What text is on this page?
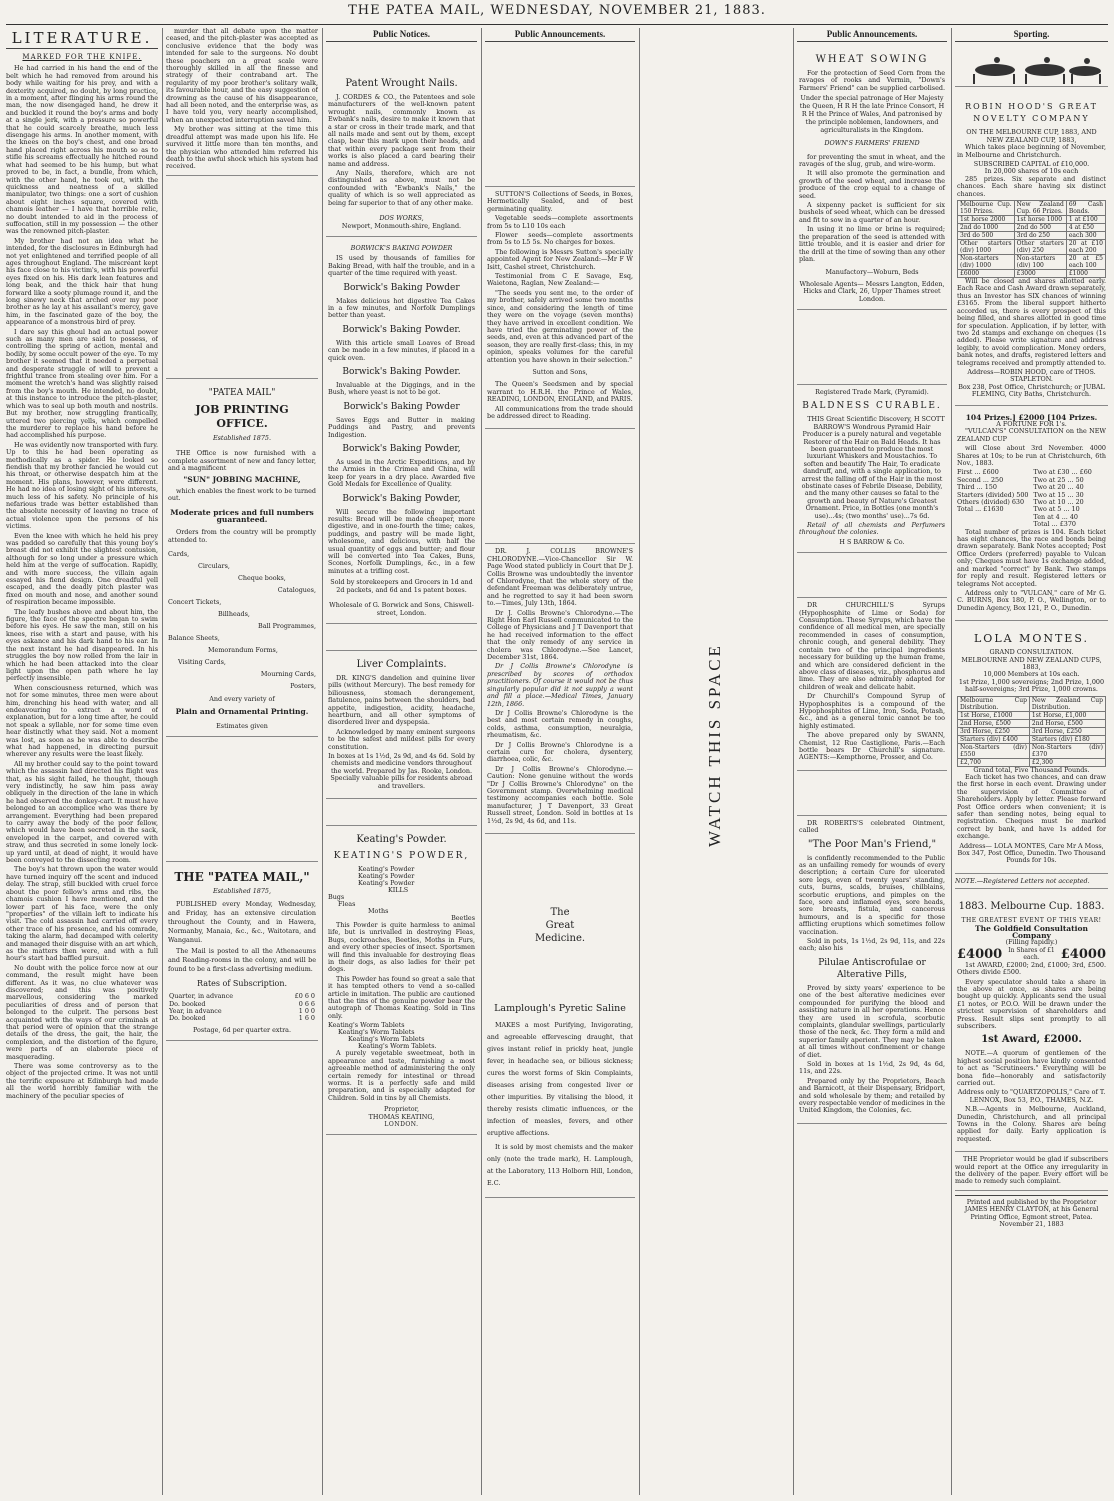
THE PATEA MAIL, WEDNESDAY, NOVEMBER 21, 1883.
LITERATURE.
MARKED FOR THE KNIFE.

He had carried in his hand the end of the belt which he had removed from around his body while waiting for his prey, and with a dexterity acquired, no doubt, by long practice, in a moment, after flinging his arms round the man, the now disengaged hand, he drew it and buckled it round the boy's arms and body at a single jerk, with a pressure so powerful that he could scarcely breathe, much less disengage his arms. In another moment, with the knees on the boy's chest, and one broad hand placed right across his mouth so as to stifle his screams effectually he hitched round what had seemed to be his hump, but what proved to be, in fact, a bundle, from which, with the other hand, he took out, with the quickness and neatness of a skilled manipulator, two things: one a sort of cushion about eight inches square, covered with chamois leather — I have that horrible relic, no doubt intended to aid in the process of suffocation, still in my possession — the other was the renowned pitch-plaster.

My brother had not an idea what he intended, for the disclosures in Edinburgh had not yet enlightened and terrified people of all ages throughout England. The miscreant kept his face close to his victim's, with his powerful eyes fixed on his. His dark lean features and long beak, and the thick hair that hung forward like a sooty plumage round it, and the long sinewy neck that arched over my poor brother as he lay at his assailant's mercy, gave him, in the fascinated gaze of the boy, the appearance of a monstrous bird of prey.

I dare say this ghoul had an actual power such as many men are said to possess, of controlling the spring of action, mental and bodily, by some occult power of the eye. To my brother it seemed that it needed a perpetual and desperate struggle of will to prevent a frightful trance from stealing over him. For a moment the wretch's hand was slightly raised from the boy's mouth. He intended, no doubt, at this instance to introduce the pitch-plaster, which was to seal up both mouth and nostrils. But my brother, now struggling frantically, uttered two piercing yells, which compelled the murderer to replace his hand before he had accomplished his purpose.

He was evidently now transported with fury. Up to this he had been operating as methodically as a spider. He looked so fiendish that my brother fancied he would cut his throat, or otherwise despatch him at the moment. His plans, however, were different. He had no idea of losing sight of his interests, much less of his safety. No principle of his nefarious trade was better established than the absolute necessity of leaving no trace of actual violence upon the persons of his victims.

Even the knee with which he held his prey was padded so carefully that this young boy's breast did not exhibit the slightest contusion, although for so long under a pressure which held him at the verge of suffocation. Rapidly, and with more success, the villain again essayed his fiend design. One dreadful yell escaped, and the deadly pitch plaster was fixed on mouth and nose, and another sound of respiration became impossible.

The leafy bushes above and about him, the figure, the face of the spectre began to swim before his eyes. He saw the man, still on his knees, rise with a start and pause, with his eyes askance and his dark hand to his ear. In the next instant he had disappeared. In his struggles the boy now rolled from the lair in which he had been attacked into the clear light upon the open path where he lay perfectly insensible.

When consciousness returned, which was not for some minutes, three men were about him, drenching his head with water, and all endeavouring to extract a word of explanation, but for a long time after, he could not speak a syllable, nor for some time even hear distinctly what they said. Not a moment was lost, as soon as he was able to describe what had happened, in directing pursuit wherever any results were the least likely.

All my brother could say to the point toward which the assassin had directed his flight was that, as his sight failed, he thought, though very indistinctly, he saw him pass away obliquely in the direction of the lane in which he had observed the donkey-cart. It must have belonged to an accomplice who was there by arrangement. Everything had been prepared to carry away the body of the poor fellow, which would have been secreted in the sack, enveloped in the carpet, and covered with straw, and thus secreted in some lonely lock-up yard until, at dead of night, it would have been conveyed to the dissecting room.

The boy's hat thrown upon the water would have turned inquiry off the scent and induced delay. The strap, still buckled with cruel force about the poor fellow's arms and ribs, the chamois cushion I have mentioned, and the lower part of his face, were the only "properties" of the villain left to indicate his visit. The cold assassin had carried off every other trace of his presence, and his comrade, taking the alarm, had decamped with celerity and managed their disguise with an art which, as the matters then were, and with a full hour's start had baffled pursuit.

No doubt with the police force now at our command, the result might have been different. As it was, no clue whatever was discovered; and this was positively marvellous, considering the marked peculiarities of dress and of person that belonged to the culprit. The persons best acquainted with the ways of our criminals at that period were of opinion that the strange details of the dress, the gait, the hair, the complexion, and the distortion of the figure, were parts of an elaborate piece of masquerading.

There was some controversy as to the object of the projected crime. It was not until the terrific exposure at Edinburgh had made all the world horribly familiar with the machinery of the peculiar species of

murder that all debate upon the matter ceased, and the pitch-plaster was accepted as conclusive evidence that the body was intended for sale to the surgeons. No doubt these poachers on a great scale were thoroughly skilled in all the finesse and strategy of their contraband art. The regularity of my poor brother's solitary walk, its favourable hour, and the easy suggestion of drowning as the cause of his disappearance, had all been noted, and the enterprise was, as I have told you, very nearly accomplished, when an unexpected interruption saved him.

My brother was sitting at the time this dreadful attempt was made upon his life. He survived it little more than ten months, and the physician who attended him referred his death to the awful shock which his system had received.

"PATEA MAIL"
JOB PRINTING OFFICE.
Established 1875.

THE Office is now furnished with a complete assortment of new and fancy letter, and a magnificent

"SUN" JOBBING MACHINE,

which enables the finest work to be turned out.

Moderate prices and full numbers guaranteed.

Orders from the country will be promptly attended to.

Cards,
Circulars,
Cheque books,
Catalogues,
Concert Tickets,
Billheads,
Ball Programmes,
Balance Sheets,
Memorandum Forms,
Visiting Cards,
Mourning Cards,
Posters,
And every variety of
Plain and Ornamental Printing.
Estimates given
THE "PATEA MAIL,"
Established 1875,

PUBLISHED every Monday, Wednesday, and Friday, has an extensive circulation throughout the County, and in Hawera, Normanby, Manaia, &c., &c., Waitotara, and Wanganui.

The Mail is posted to all the Athenaeums and Reading-rooms in the colony, and will be found to be a first-class advertising medium.

Rates of Subscription.
Quarter, in advance	£0 6 0
Do. booked	0 6 6
Year, in advance	1 0 0
Do. booked	1 6 0
Postage, 6d per quarter extra.
Public Notices.
Patent Wrought Nails.

J. CORDES & CO., the Patentees and sole manufacturers of the well-known patent wrought nails, commonly known as Ewbank's nails, desire to make it known that a star or cross in their trade mark, and that all nails made and sent out by them, except clasp, bear this mark upon their heads, and that within every package sent from their works is also placed a card bearing their name and address.

Any Nails, therefore, which are not distinguished as above, must not be confounded with "Ewbank's Nails," the quality of which is so well appreciated as being far superior to that of any other make.

DOS WORKS,
Newport, Monmouth-shire, England.
BORWICK'S BAKING POWDER

IS used by thousands of families for Baking Bread, with half the trouble, and in a quarter of the time required with yeast.

Borwick's Baking Powder

Makes delicious hot digestive Tea Cakes in a few minutes, and Norfolk Dumplings better than yeast.

Borwick's Baking Powder.

With this article small Loaves of Bread can be made in a few minutes, if placed in a quick oven.

Borwick's Baking Powder.

Invaluable at the Diggings, and in the Bush, where yeast is not to be got.

Borwick's Baking Powder

Saves Eggs and Butter in making Puddings and Pastry, and prevents Indigestion.

Borwick's Baking Powder,

As used in the Arctic Expeditions, and by the Armies in the Crimea and China, will keep for years in a dry place. Awarded five Gold Medals for Excellence of Quality.

Borwick's Baking Powder,

Will secure the following important results: Bread will be made cheaper, more digestive, and in one-fourth the time; cakes, puddings, and pastry will be made light, wholesome, and delicious, with half the usual quantity of eggs and butter; and flour will be converted into Tea Cakes, Buns, Scones, Norfolk Dumplings, &c., in a few minutes at a trifling cost.

Sold by storekeepers and Grocers in 1d and 2d packets, and 6d and 1s patent boxes.
Wholesale of G. Borwick and Sons, Chiswell-street, London.
Liver Complaints.

DR. KING'S dandelion and quinine liver pills (without Mercury). The best remedy for biliousness, stomach derangement, flatulence, pains between the shoulders, bad appetite, indigestion, acidity, headache, heartburn, and all other symptoms of disordered liver and dyspepsia.

Acknowledged by many eminent surgeons to be the safest and mildest pills for every constitution.

In boxes at 1s 1½d, 2s 9d, and 4s 6d. Sold by chemists and medicine vendors throughout the world. Prepared by Jas. Rooke, London. Specially valuable pills for residents abroad and travellers.

Keating's Powder.
KEATING'S POWDER,
Keating's Powder
Keating's Powder
Keating's Powder
KILLS
Bugs
Fleas
Moths
Beetles

This Powder is quite harmless to animal life, but is unrivalled in destroying Fleas, Bugs, cockroaches, Beetles, Moths in Furs, and every other species of insect. Sportsmen will find this invaluable for destroying fleas in their dogs, as also ladies for their pet dogs.

This Powder has found so great a sale that it has tempted others to vend a so-called article in imitation. The public are cautioned that the tins of the genuine powder bear the autograph of Thomas Keating. Sold in Tins only.

Keating's Worm Tablets
Keating's Worm Tablets
Keating's Worm Tablets
Keating's Worm Tablets.

A purely vegetable sweetmeat, both in appearance and taste, furnishing a most agreeable method of administering the only certain remedy for intestinal or thread worms. It is a perfectly safe and mild preparation, and is especially adapted for Children. Sold in tins by all Chemists.

Proprietor,
THOMAS KEATING,
LONDON.
Public Announcements.

SUTTON'S Collections of Seeds, in Boxes, Hermetically Sealed, and of best germinating quality.

Vegetable seeds—complete assortments from 5s to L10 10s each

Flower seeds—complete assortments from 5s to L5 5s. No charges for boxes.

The following is Messrs Sutton's specially appointed Agent for New Zealand:—Mr F W Isitt, Cashel street, Christchurch.

Testimonial from C E Savage, Esq, Waietona, Raglan, New Zealand:—

"The seeds you sent me, to the order of my brother, safely arrived some two months since, and considering the length of time they were on the voyage (seven months) they have arrived in excellent condition. We have tried the germinating power of the seeds, and, even at this advanced part of the season, they are really first-class; this, in my opinion, speaks volumes for the careful attention you have shown in their selection."

Sutton and Sons,

The Queen's Seedsmen and by special warrant to H.R.H. the Prince of Wales, READING, LONDON, ENGLAND, and PARIS.

All communications from the trade should be addressed direct to Reading.

DR. J. COLLIS BROWNE'S CHLORODYNE.—Vice-Chancellor Sir W. Page Wood stated publicly in Court that Dr J. Collis Browne was undoubtedly the inventor of Chlorodyne, that the whole story of the defendant Freeman was deliberately untrue, and he regretted to say it had been sworn to.—Times, July 13th, 1864.

Dr J. Collis Browne's Chlorodyne.—The Right Hon Earl Russell communicated to the College of Physicians and J T Davenport that he had received information to the effect that the only remedy of any service in cholera was Chlorodyne.—See Lancet, December 31st, 1864.

Dr J Collis Browne's Chlorodyne is prescribed by scores of orthodox practitioners. Of course it would not be thus singularly popular did it not supply a want and fill a place.—Medical Times, January 12th, 1866.

Dr J Collis Browne's Chlorodyne is the best and most certain remedy in coughs, colds, asthma, consumption, neuralgia, rheumatism, &c.

Dr J Collis Browne's Chlorodyne is a certain cure for cholera, dysentery, diarrhoea, colic, &c.

Dr J Collis Browne's Chlorodyne.—Caution: None genuine without the words "Dr J Collis Browne's Chlorodyne" on the Government stamp. Overwhelming medical testimony accompanies each bottle. Sole manufacturer, J T Davenport, 33 Great Russell street, London. Sold in bottles at 1s 1½d, 2s 9d, 4s 6d, and 11s.

The
Great
Medicine.
Lamplough's Pyretic Saline

MAKES a most Purifying, Invigorating, and agreeable effervescing draught, that gives instant relief in prickly heat, jungle fever, in headache sea, or bilious sickness; cures the worst forms of Skin Complaints, diseases arising from congested liver or other impurities. By vitalising the blood, it thereby resists climatic influences, or the infection of measles, fevers, and other eruptive affections.

It is sold by most chemists and the maker only (note the trade mark), H. Lamplough, at the Laboratory, 113 Holborn Hill, London, E.C.

WATCH THIS SPACE
Public Announcements.
WHEAT SOWING

For the protection of Seed Corn from the ravages of rooks and Vermin, "Down's Farmers' Friend" can be supplied carbolised.

Under the special patronage of Her Majesty the Queen, H R H the late Prince Consort, H R H the Prince of Wales, And patronised by the principle noblemen, landowners, and agriculturalists in the Kingdom.

DOWN'S FARMERS' FRIEND

for preventing the smut in wheat, and the ravages of the slug, grub, and wire-worm.

It will also promote the germination and growth of the seed wheat, and increase the produce of the crop equal to a change of seed.

A sixpenny packet is sufficient for six bushels of seed wheat, which can be dressed and fit to sow in a quarter of an hour.

In using it no lime or brine is required; the preparation of the seed is attended with little trouble, and it is easier and drier for the drill at the time of sowing than any other plan.

Manufactory—Woburn, Beds
Wholesale Agents— Messrs Langton, Edden, Hicks and Clark, 26, Upper Thames street London.
Registered Trade Mark, (Pyramid).
BALDNESS CURABLE.

THIS Great Scientific Discovery, H SCOTT BARROW'S Wondrous Pyramid Hair Producer is a purely natural and vegetable Restorer of the Hair on Bald Heads. It has been guaranteed to produce the most luxuriant Whiskers and Moustachios. To soften and beautify The Hair, To eradicate dandruff, and, with a single application, to arrest the falling off of the Hair in the most obstinate cases of Febrile Disease, Debility, and the many other causes so fatal to the growth and beauty of Nature's Greatest Ornament. Price, in Bottles (one month's use)...4s; (two months' use)...7s 6d.

Retail of all chemists and Perfumers throughout the colonies.

H S BARROW & Co.

DR CHURCHILL'S Syrups (Hypophosphite of Lime or Soda) for Consumption. These Syrups, which have the confidence of all medical men, are specially recommended in cases of consumption, chronic cough, and general debility. They contain two of the principal ingredients necessary for building up the human frame, and which are considered deficient in the above class of diseases, viz., phosphorus and lime. They are also admirably adapted for children of weak and delicate habit.

Dr Churchill's Compound Syrup of Hypophosphites is a compound of the Hypophosphites of Lime, Iron, Soda, Potash, &c., and as a general tonic cannot be too highly estimated.

The above prepared only by SWANN, Chemist, 12 Rue Castiglione, Paris.—Each bottle bears Dr Churchill's signature. AGENTS:—Kempthorne, Prosser, and Co.

DR ROBERTS'S celebrated Ointment, called

"The Poor Man's Friend,"

is confidently recommended to the Public as an unfailing remedy for wounds of every description; a certain Cure for ulcerated sore legs, even of twenty years' standing, cuts, burns, scalds, bruises, chilblains, scorbutic eruptions, and pimples on the face, sore and inflamed eyes, sore heads, sore breasts, fistula, and cancerous humours, and is a specific for those afflicting eruptions which sometimes follow vaccination.

Sold in pots, 1s 1½d, 2s 9d, 11s, and 22s each; also his

Pilulae Antiscrofulae or Alterative Pills,

Proved by sixty years' experience to be one of the best alterative medicines ever compounded for purifying the blood and assisting nature in all her operations. Hence they are used in scrofula, scorbutic complaints, glandular swellings, particularly those of the neck, &c. They form a mild and superior family aperient. They may be taken at all times without confinement or change of diet.

Sold in boxes at 1s 1½d, 2s 9d, 4s 6d, 11s, and 22s.

Prepared only by the Proprietors, Beach and Barnicott, at their Dispensary, Bridport, and sold wholesale by them; and retailed by every respectable vendor of medicines in the United Kingdom, the Colonies, &c.

Sporting.
ROBIN HOOD'S GREAT NOVELTY COMPANY
ON THE MELBOURNE CUP, 1883, AND NEW ZEALAND CUP, 1883,

Which takes place beginning of November, in Melbourne and Christchurch.

SUBSCRIBED CAPITAL of £10,000.
In 20,000 shares of 10s each

285 prizes. Six separate and distinct chances. Each share having six distinct chances.

Melbourne Cup. 150 Prizes.	New Zealand Cup. 66 Prizes.	69 Cash Bonds.
1st horse 2000	1st horse 1000	1 at £100
2nd do 1000	2nd do 500	4 at £50
3rd do 500	3rd do 250	each 300
Other starters (div) 1000	Other starters (div) 250	20 at £10 each 200
Non-starters (div) 1000	Non-starters (div) 100	20 at £5 each 100
£6000	£3000	£1000

Will be closed and shares allotted early. Each Race and Cash Award drawn separately, thus an Investor has SIX chances of winning £3165. From the liberal support hitherto accorded us, there is every prospect of this being filled, and shares allotted in good time for speculation. Application, if by letter, with two 2d stamps and exchange on cheques (1s added). Please write signature and address legibly, to avoid complication. Money orders, bank notes, and drafts, registered letters and telegrams received and promptly attended to.

Address—ROBIN HOOD, care of THOS. STAPLETON.
Box 238, Post Office, Christchurch; or JUBAL FLEMING, City Baths, Christchurch.
104 Prizes.] £2000 [104 Prizes.
A FORTUNE FOR 1's.

"VULCAN'S" CONSULTATION on the NEW ZEALAND CUP

will Close about 3rd November. 4000 Shares at 10s; to be run at Christchurch, 6th Nov., 1883.

First ... £600
Second ... 250
Third ... 150
Starters (divided) 500
Others (divided) 630
Total ... £1630
Two at £30 ... £60
Two at 25 ... 50
Two at 20 ... 40
Two at 15 ... 30
Two at 10 ... 20
Two at 5 ... 10
Ten at 4 ... 40
Total ... £370

Total number of prizes is 104. Each ticket has eight chances, the race and bonds being drawn separately. Bank Notes accepted; Post Office Orders (preferred) payable to Vulcan only; Cheques must have 1s exchange added, and marked "correct" by Bank. Two stamps for reply and result. Registered letters or telegrams Not accepted.

Address only to "VULCAN," care of Mr G. C. BURNS, Box 180, P. O., Wellington, or to Dunedin Agency, Box 121, P. O., Dunedin.

LOLA MONTES.
GRAND CONSULTATION.
MELBOURNE AND NEW ZEALAND CUPS, 1883,
10,000 Members at 10s each.

1st Prize, 1,000 sovereigns; 2nd Prize, 1,000 half-sovereigns; 3rd Prize, 1,000 crowns.

Melbourne Cup Distribution.	New Zealand Cup Distribution.
1st Horse, £1000	1st Horse, £1,000
2nd Horse, £500	2nd Horse, £500
3rd Horse, £250	3rd Horse, £250
Starters (div) £400	Starters (div) £180
Non-Starters (div) £550	Non-Starters (div) £370
£2,700	£2,300
Grand total, Five Thousand Pounds.

Each ticket has two chances, and can draw the first horse in each event. Drawing under the supervision of Committee of Shareholders. Apply by letter. Please forward Post Office orders when convenient; it is safer than sending notes, being equal to registration. Cheques must be marked correct by bank, and have 1s added for exchange.

Address— LOLA MONTES, Care Mr A Moss, Box 347, Post Office, Dunedin. Two Thousand Pounds for 10s.

NOTE.—Registered Letters not accepted.
1883. Melbourne Cup. 1883.
THE GREATEST EVENT OF THIS YEAR!
The Goldfield Consultation Company
(Filling rapidly.)
£4000 In Shares of £1 each.	£4000

1st AWARD, £2000; 2nd, £1000; 3rd, £500. Others divide £500.

Every speculator should take a share in the above at once, as shares are being bought up quickly. Applicants send the usual £1 notes, or P.O.O. Will be drawn under the strictest supervision of shareholders and Press. Result slips sent promptly to all subscribers.

1st Award, £2000.

NOTE.—A quorum of gentlemen of the highest social position have kindly consented to act as "Scrutineers." Everything will be bona fide—honorably and satisfactorily carried out.

Address only to "QUARTZOPOLIS," Care of T. LENNOX, Box 53, P.O., THAMES, N.Z.

N.B.—Agents in Melbourne, Auckland, Dunedin, Christchurch, and all principal Towns in the Colony. Shares are being applied for daily. Early application is requested.

THE Proprietor would be glad if subscribers would report at the Office any irregularity in the delivery of the paper. Every effort will be made to remedy such complaint.

Printed and published by the Proprietor JAMES HENRY CLAYTON, at his General Printing Office, Egmont street, Patea.
November 21, 1883
